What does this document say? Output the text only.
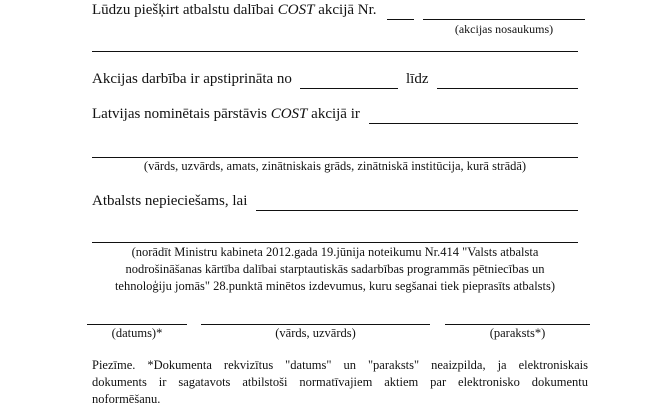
Lūdzu piešķirt atbalstu dalībai COST akcijā Nr.
(akcijas nosaukums)
Akcijas darbība ir apstiprināta no	līdz
Latvijas nominētais pārstāvis COST akcijā ir
(vārds, uzvārds, amats, zinātniskais grāds, zinātniskā institūcija, kurā strādā)
Atbalsts nepieciešams, lai
(norādīt Ministru kabineta 2012.gada 19.jūnija noteikumu Nr.414 "Valsts atbalsta
nodrošināšanas kārtība dalībai starptautiskās sadarbības programmās pētniecības un
tehnoloģiju jomās" 28.punktā minētos izdevumus, kuru segšanai tiek pieprasīts atbalsts)
(datums)*	(vārds, uzvārds)	(paraksts*)
Piezīme. *Dokumenta rekvizītus "datums" un "paraksts" neaizpilda, ja elektroniskais
dokuments ir sagatavots atbilstoši normatīvajiem aktiem par elektronisko dokumentu
noformēšanu.
